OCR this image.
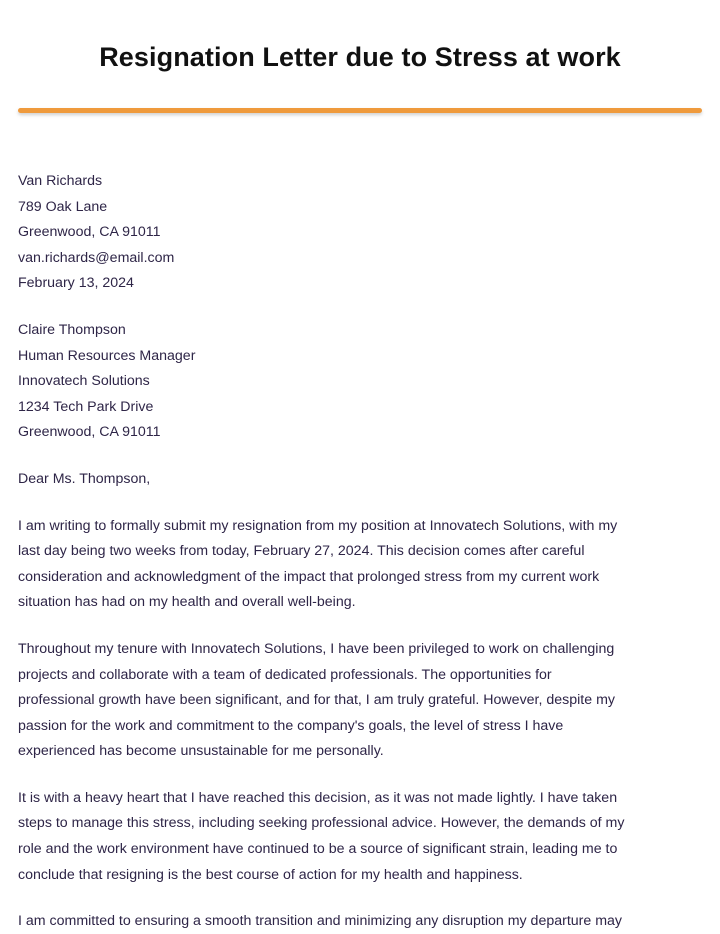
Resignation Letter due to Stress at work
Van Richards
789 Oak Lane
Greenwood, CA 91011
van.richards@email.com
February 13, 2024
Claire Thompson
Human Resources Manager
Innovatech Solutions
1234 Tech Park Drive
Greenwood, CA 91011
Dear Ms. Thompson,
I am writing to formally submit my resignation from my position at Innovatech Solutions, with my
last day being two weeks from today, February 27, 2024. This decision comes after careful
consideration and acknowledgment of the impact that prolonged stress from my current work
situation has had on my health and overall well-being.
Throughout my tenure with Innovatech Solutions, I have been privileged to work on challenging
projects and collaborate with a team of dedicated professionals. The opportunities for
professional growth have been significant, and for that, I am truly grateful. However, despite my
passion for the work and commitment to the company's goals, the level of stress I have
experienced has become unsustainable for me personally.
It is with a heavy heart that I have reached this decision, as it was not made lightly. I have taken
steps to manage this stress, including seeking professional advice. However, the demands of my
role and the work environment have continued to be a source of significant strain, leading me to
conclude that resigning is the best course of action for my health and happiness.
I am committed to ensuring a smooth transition and minimizing any disruption my departure may
